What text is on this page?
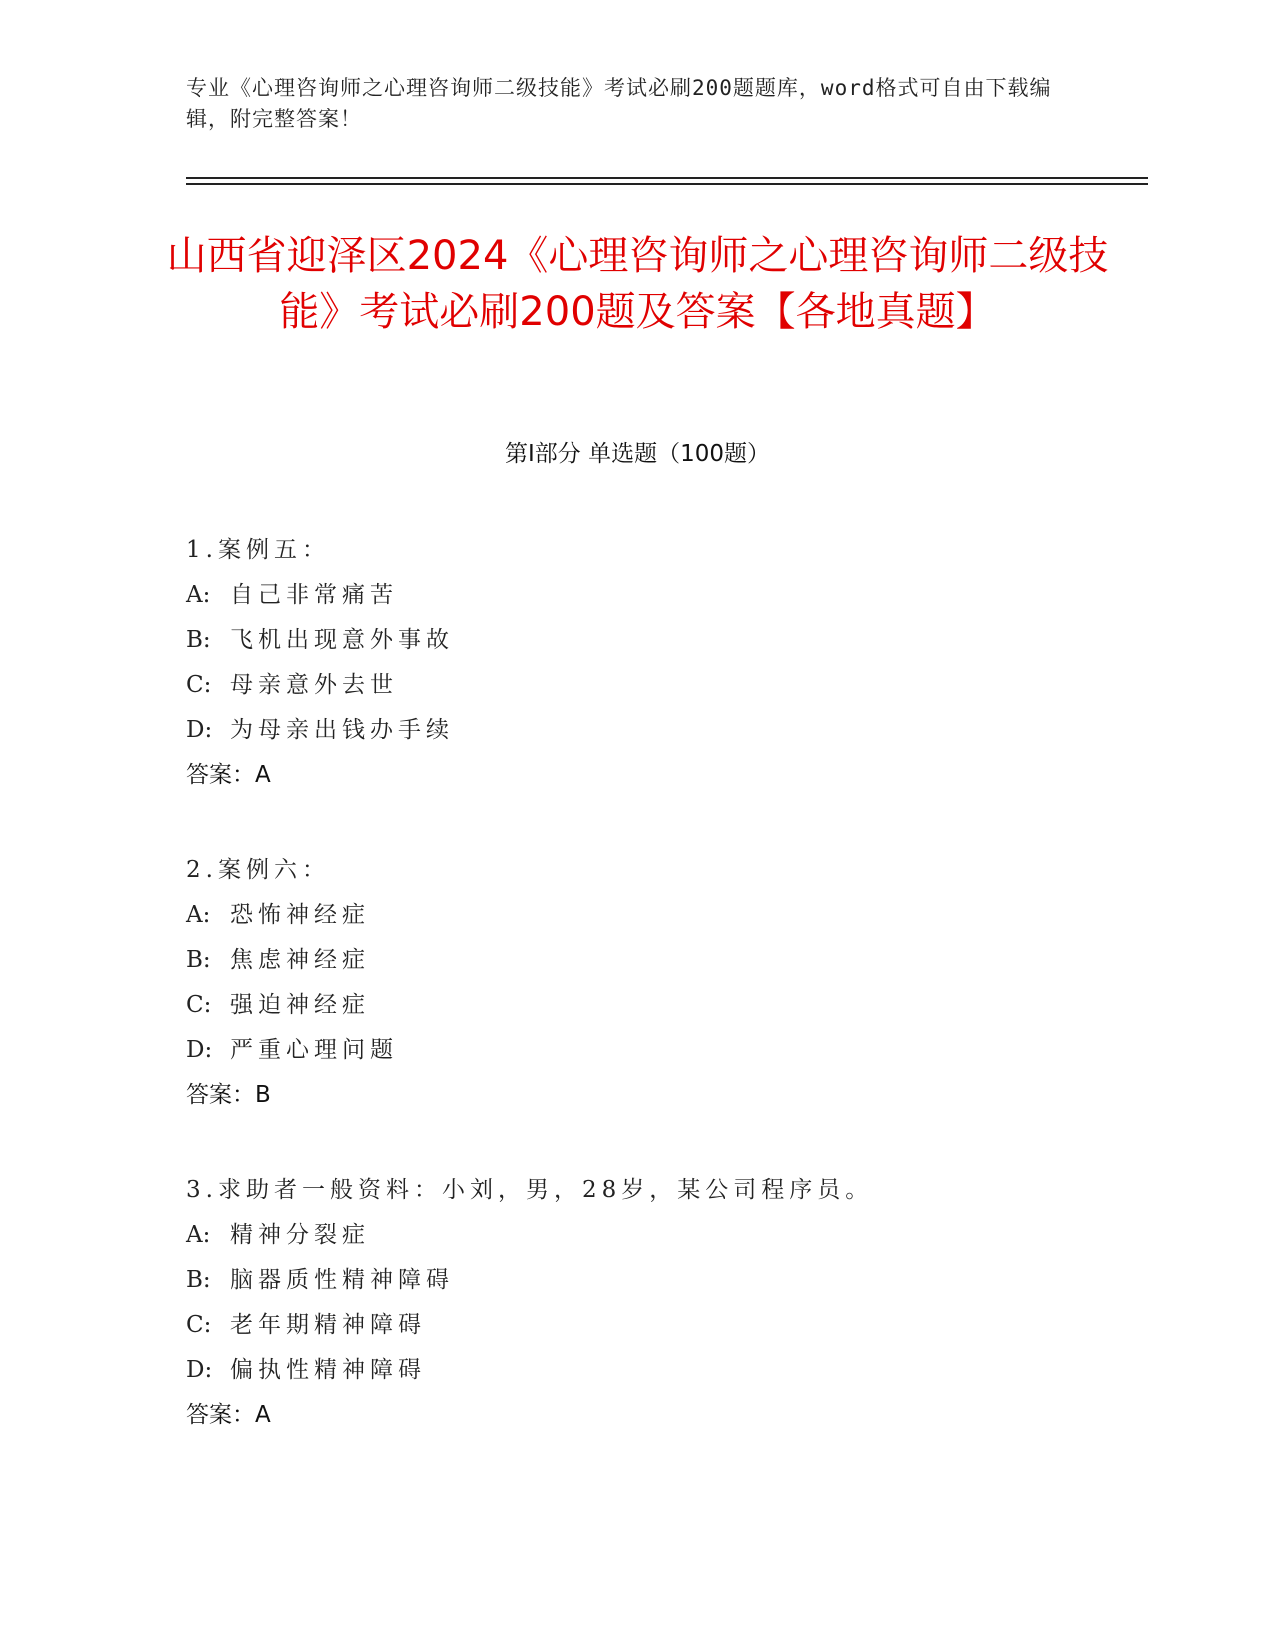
专业《心理咨询师之心理咨询师二级技能》考试必刷200题题库，word格式可自由下载编辑，附完整答案！
山西省迎泽区2024《心理咨询师之心理咨询师二级技能》考试必刷200题及答案【各地真题】
第I部分 单选题（100题）
1.案例五：
A: 自己非常痛苦
B: 飞机出现意外事故
C: 母亲意外去世
D: 为母亲出钱办手续
答案：A
2.案例六：
A: 恐怖神经症
B: 焦虑神经症
C: 强迫神经症
D: 严重心理问题
答案：B
3.求助者一般资料：小刘，男，28岁，某公司程序员。
A: 精神分裂症
B: 脑器质性精神障碍
C: 老年期精神障碍
D: 偏执性精神障碍
答案：A
